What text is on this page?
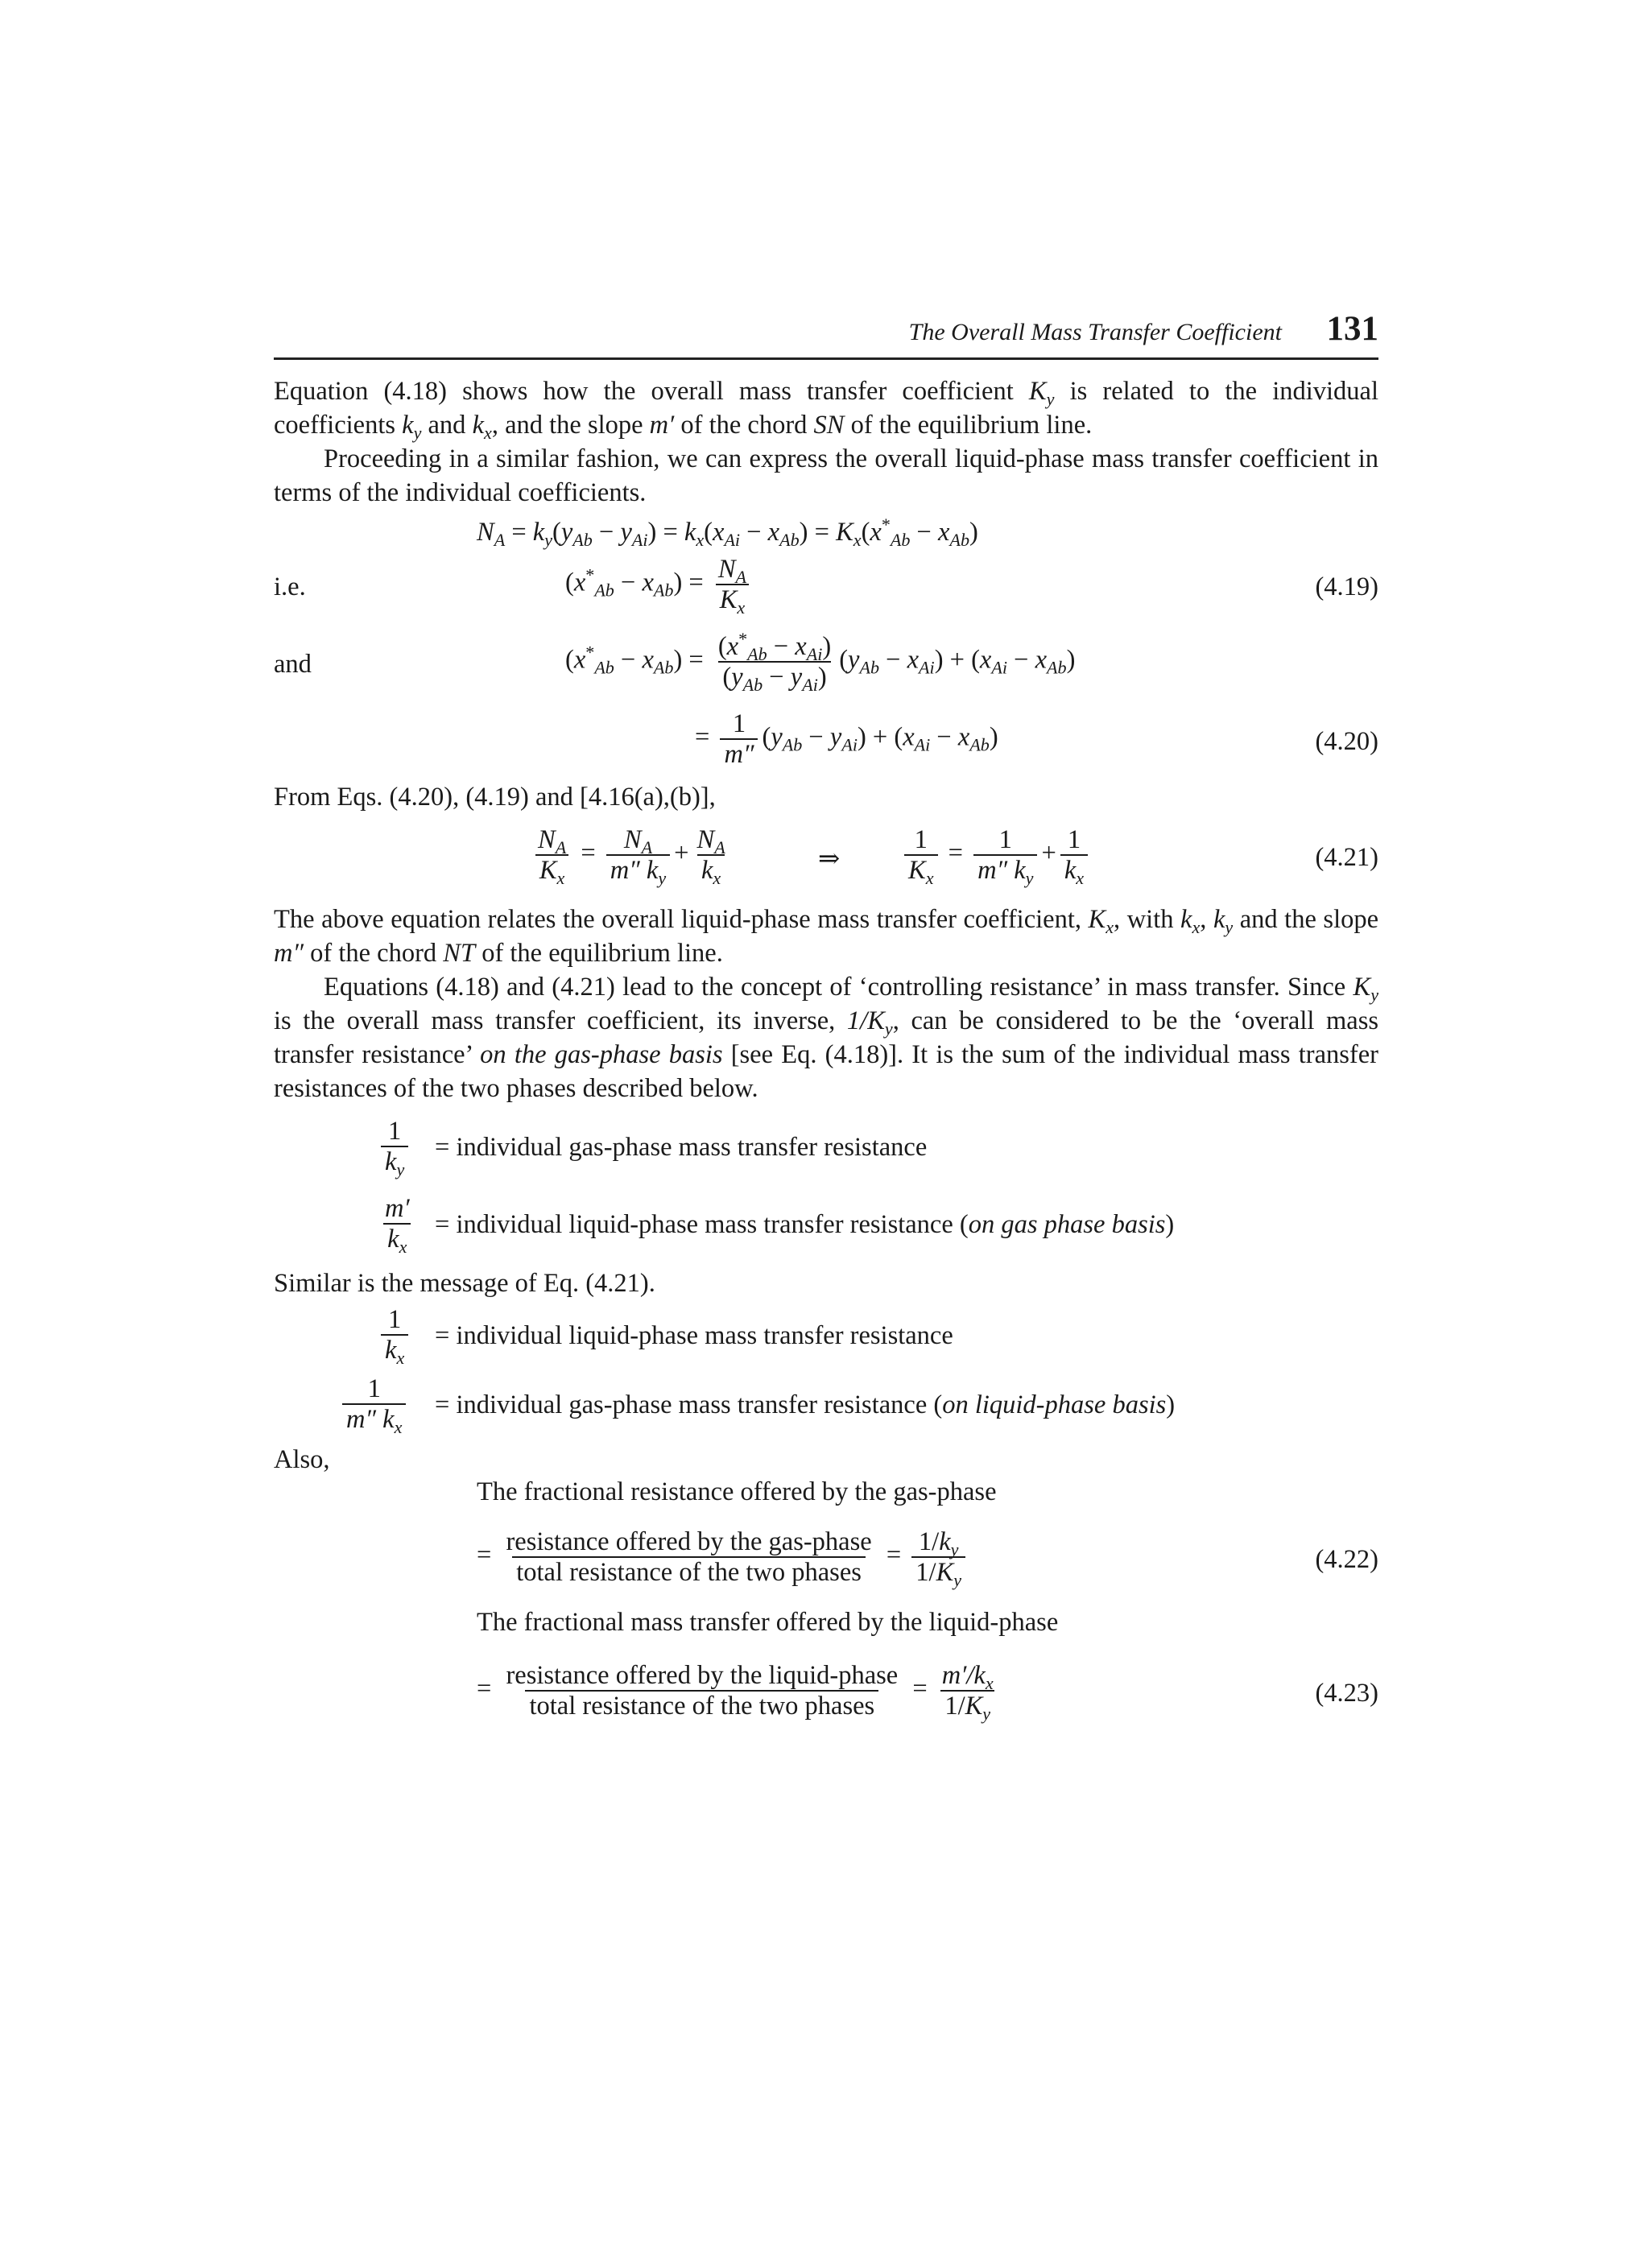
The Overall Mass Transfer Coefficient 131

Equation (4.18) shows how the overall mass transfer coefficient $K_y$ is related to the individual coefficients $k_y$ and $k_x$, and the slope m′ of the chord SN of the equilibrium line.

Proceeding in a similar fashion, we can express the overall liquid-phase mass transfer coefficient in terms of the individual coefficients.

$N_A = k_y(y_{Ab} - y_{Ai}) = k_x(x_{Ai} - x_{Ab}) = K_x(x^*_{Ab} - x_{Ab})$
i.e.	$(x^*_{Ab} - x_{Ab}) = \frac{N_A}{K_x}$	(4.19)
and	$(x^*_{Ab} - x_{Ab}) = \frac{(x^*_{Ab} - x_{Ai})}{(y_{Ab} - y_{Ai})} (y_{Ab} - x_{Ai}) + (x_{Ai} - x_{Ab})$
= $\frac{1}{m''} (y_{Ab} - y_{Ai}) + (x_{Ai} - x_{Ab})$	(4.20)

From Eqs. (4.20), (4.19) and [4.16(a),(b)],

$\frac{N_A}{K_x} = \frac{N_A}{m'' k_y} + \frac{N_A}{k_x}$	⇒ $\frac{1}{K_x} = \frac{1}{m'' k_y} + \frac{1}{k_x}$	(4.21)

The above equation relates the overall liquid-phase mass transfer coefficient, $K_x$, with $k_x$, $k_y$ and the slope m″ of the chord NT of the equilibrium line.

Equations (4.18) and (4.21) lead to the concept of ‘controlling resistance’ in mass transfer. Since $K_y$ is the overall mass transfer coefficient, its inverse, $1/K_y$, can be considered to be the ‘overall mass transfer resistance’ on the gas-phase basis [see Eq. (4.18)]. It is the sum of the individual mass transfer resistances of the two phases described below.

$\frac{1}{k_y}$ = individual gas-phase mass transfer resistance
$\frac{m'}{k_x}$ = individual liquid-phase mass transfer resistance (on gas phase basis)

Similar is the message of Eq. (4.21).

$\frac{1}{k_x}$ = individual liquid-phase mass transfer resistance
$\frac{1}{m'' k_x}$ = individual gas-phase mass transfer resistance (on liquid-phase basis)
Also,
The fractional resistance offered by the gas-phase
= $\frac{\text{resistance offered by the gas-phase}}{\text{total resistance of the two phases}} = \frac{1/k_y}{1/K_y}$	(4.22)
The fractional mass transfer offered by the liquid-phase
= $\frac{\text{resistance offered by the liquid-phase}}{\text{total resistance of the two phases}} = \frac{m'/k_x}{1/K_y}$	(4.23)
